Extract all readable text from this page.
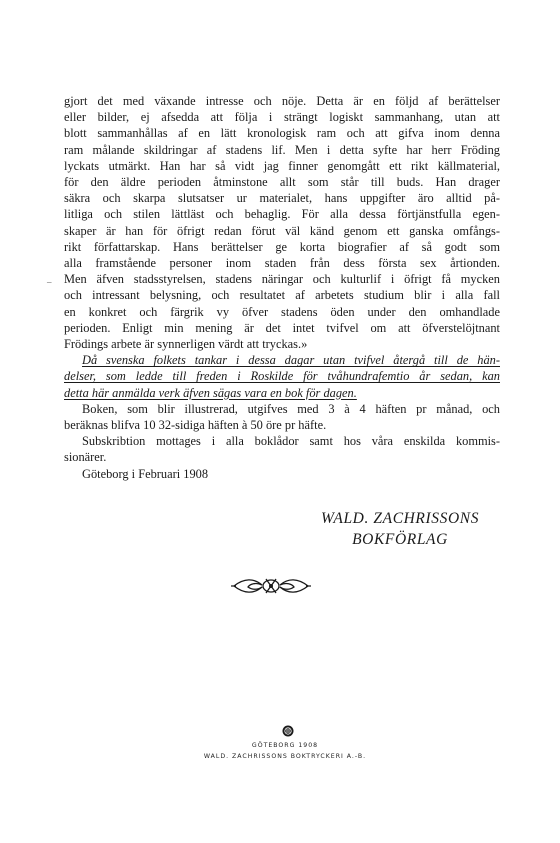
gjort det med växande intresse och nöje. Detta är en följd af berättelser
eller bilder, ej afsedda att följa i strängt logiskt sammanhang, utan att
blott sammanhållas af en lätt kronologisk ram och att gifva inom denna
ram målande skildringar af stadens lif. Men i detta syfte har herr Fröding
lyckats utmärkt. Han har så vidt jag finner genomgått ett rikt källmaterial,
för den äldre perioden åtminstone allt som står till buds. Han drager
säkra och skarpa slutsatser ur materialet, hans uppgifter äro alltid på-
litliga och stilen lättläst och behaglig. För alla dessa förtjänstfulla egen-
skaper är han för öfrigt redan förut väl känd genom ett ganska omfångs-
rikt författarskap. Hans berättelser ge korta biografier af så godt som
alla framstående personer inom staden från dess första sex årtionden.
Men äfven stadsstyrelsen, stadens näringar och kulturlif i öfrigt få mycken
och intressant belysning, och resultatet af arbetets studium blir i alla fall
en konkret och färgrik vy öfver stadens öden under den omhandlade
perioden. Enligt min mening är det intet tvifvel om att öfverstelöjtnant
Frödings arbete är synnerligen värdt att tryckas.»

Då svenska folkets tankar i dessa dagar utan tvifvel återgå till de hän-
delser, som ledde till freden i Roskilde för tvåhundrafemtio år sedan, kan
detta här anmälda verk äfven sägas vara en bok för dagen.

Boken, som blir illustrerad, utgifves med 3 à 4 häften pr månad, och
beräknas blifva 10 32-sidiga häften à 50 öre pr häfte.

Subskribtion mottages i alla boklådor samt hos våra enskilda kommis-
sionärer.

Göteborg i Februari 1908

_
WALD. ZACHRISSONS
BOKFÖRLAG
GÖTEBORG 1908
WALD. ZACHRISSONS BOKTRYCKERI A.-B.
